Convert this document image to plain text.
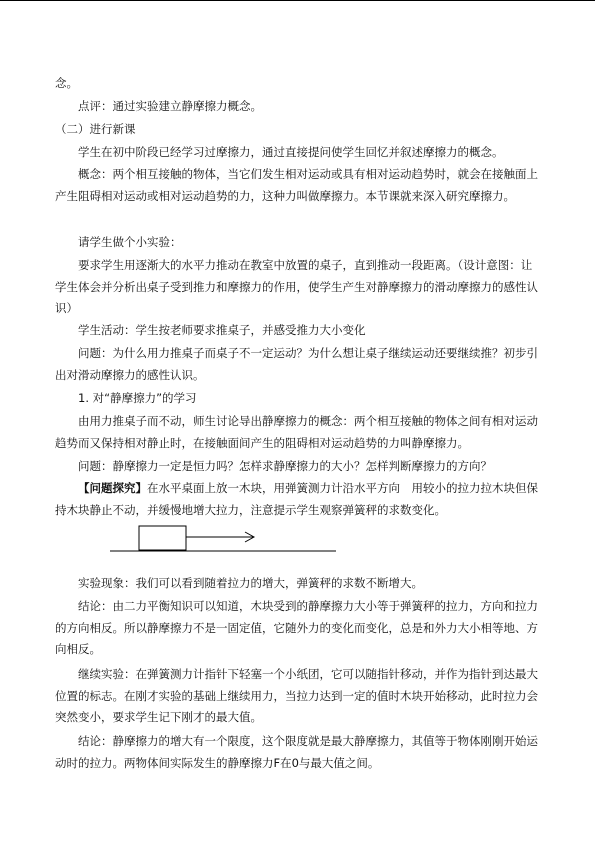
念。

点评：通过实验建立静摩擦力概念。

（二）进行新课

学生在初中阶段已经学习过摩擦力，通过直接提问使学生回忆并叙述摩擦力的概念。

概念：两个相互接触的物体，当它们发生相对运动或具有相对运动趋势时，就会在接触面上产生阻碍相对运动或相对运动趋势的力，这种力叫做摩擦力。本节课就来深入研究摩擦力。

请学生做个小实验：

要求学生用逐渐大的水平力推动在教室中放置的桌子，直到推动一段距离。（设计意图：让学生体会并分析出桌子受到推力和摩擦力的作用，使学生产生对静摩擦力的滑动摩擦力的感性认识）

学生活动：学生按老师要求推桌子，并感受推力大小变化

问题：为什么用力推桌子而桌子不一定运动？为什么想让桌子继续运动还要继续推？初步引出对滑动摩擦力的感性认识。

1. 对“静摩擦力”的学习

由用力推桌子而不动，师生讨论导出静摩擦力的概念：两个相互接触的物体之间有相对运动趋势而又保持相对静止时，在接触面间产生的阻碍相对运动趋势的力叫静摩擦力。

问题：静摩擦力一定是恒力吗？怎样求静摩擦力的大小？怎样判断摩擦力的方向？

【问题探究】在水平桌面上放一木块，用弹簧测力计沿水平方向　用较小的拉力拉木块但保持木块静止不动，并缓慢地增大拉力，注意提示学生观察弹簧秤的求数变化。

实验现象：我们可以看到随着拉力的增大，弹簧秤的求数不断增大。

结论：由二力平衡知识可以知道，木块受到的静摩擦力大小等于弹簧秤的拉力，方向和拉力的方向相反。所以静摩擦力不是一固定值，它随外力的变化而变化，总是和外力大小相等地、方向相反。

继续实验：在弹簧测力计指针下轻塞一个小纸团，它可以随指针移动，并作为指针到达最大位置的标志。在刚才实验的基础上继续用力，当拉力达到一定的值时木块开始移动，此时拉力会突然变小，要求学生记下刚才的最大值。

结论：静摩擦力的增大有一个限度，这个限度就是最大静摩擦力，其值等于物体刚刚开始运动时的拉力。两物体间实际发生的静摩擦力F在0与最大值之间。
